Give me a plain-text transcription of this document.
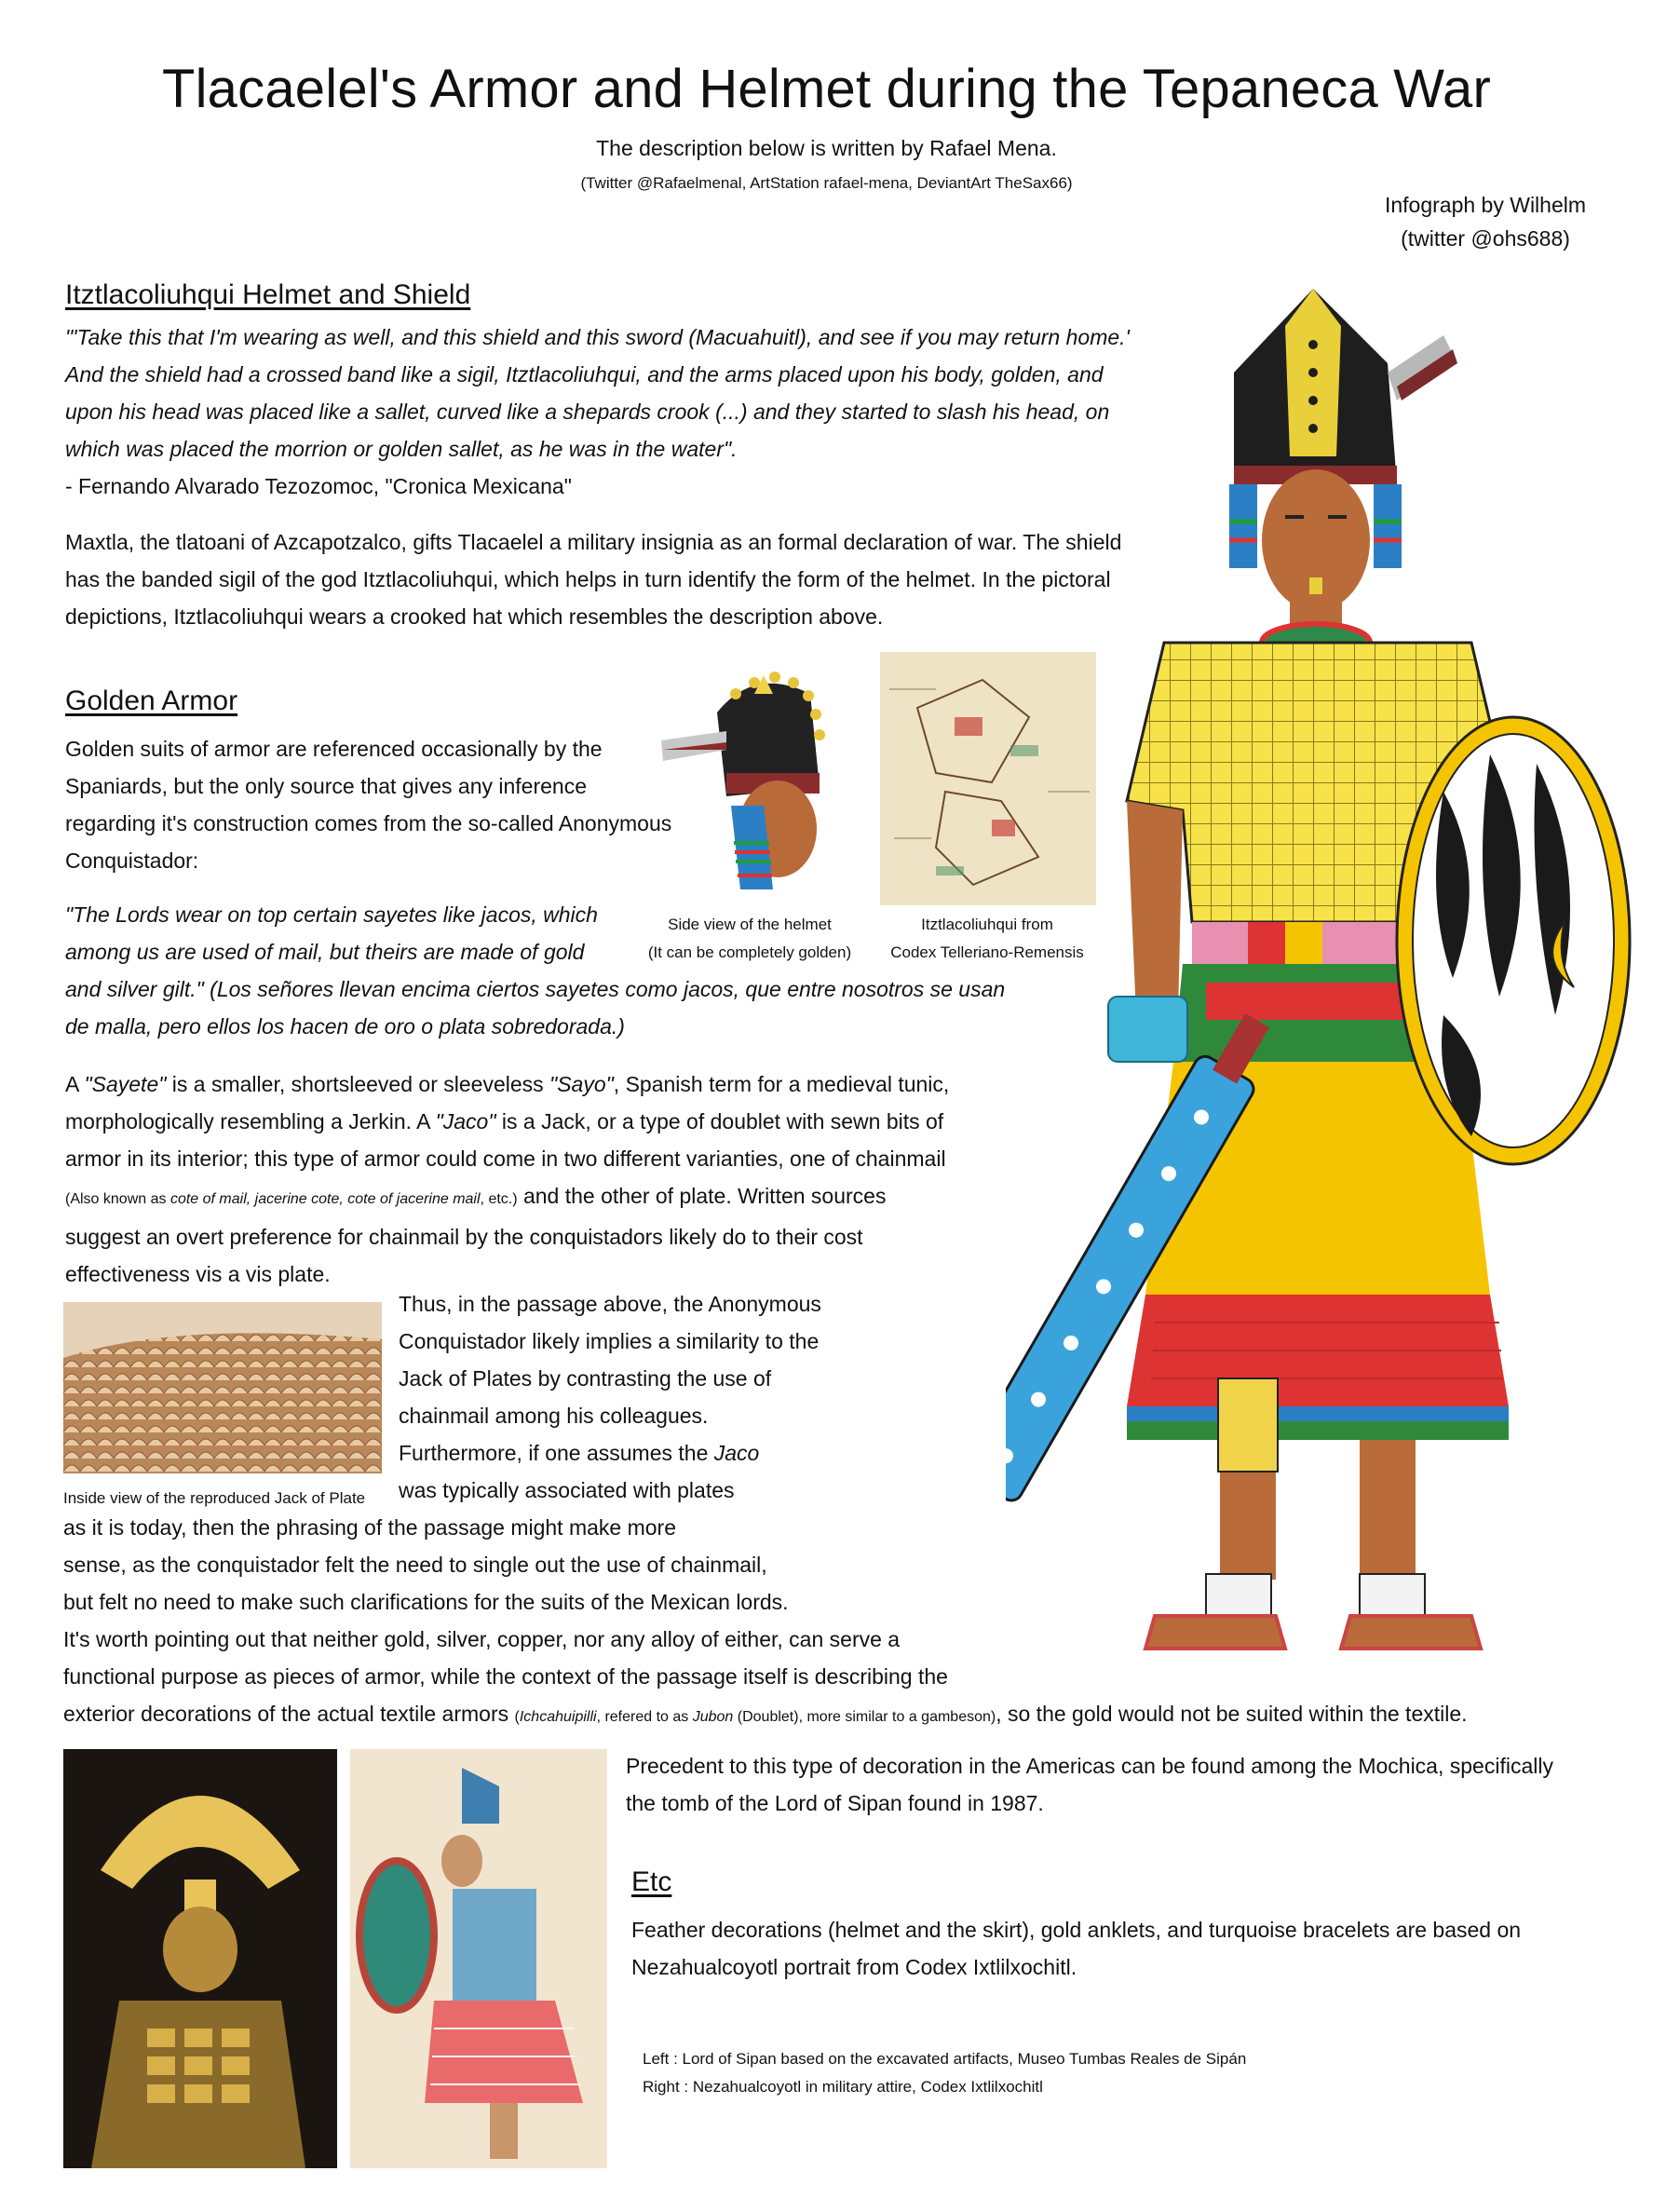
Tlacaelel's Armor and Helmet during the Tepaneca War
The description below is written by Rafael Mena.
(Twitter @Rafaelmenal, ArtStation rafael-mena, DeviantArt TheSax66)
Infograph by Wilhelm
(twitter @ohs688)
Itztlacoliuhqui Helmet and Shield
"'Take this that I'm wearing as well, and this shield and this sword (Macuahuitl), and see if you may return home.'
And the shield had a crossed band like a sigil, Itztlacoliuhqui, and the arms placed upon his body, golden, and
upon his head was placed like a sallet, curved like a shepards crook (...) and they started to slash his head, on
which was placed the morrion or golden sallet, as he was in the water".
- Fernando Alvarado Tezozomoc, "Cronica Mexicana"
Maxtla, the tlatoani of Azcapotzalco, gifts Tlacaelel a military insignia as an formal declaration of war. The shield
has the banded sigil of the god Itztlacoliuhqui, which helps in turn identify the form of the helmet. In the pictoral
depictions, Itztlacoliuhqui wears a crooked hat which resembles the description above.
Golden Armor
Golden suits of armor are referenced occasionally by the
Spaniards, but the only source that gives any inference
regarding it's construction comes from the so-called Anonymous
Conquistador:
"The Lords wear on top certain sayetes like jacos, which
among us are used of mail, but theirs are made of gold
and silver gilt." (Los señores llevan encima ciertos sayetes como jacos, que entre nosotros se usan
de malla, pero ellos los hacen de oro o plata sobredorada.)
A "Sayete" is a smaller, shortsleeved or sleeveless "Sayo", Spanish term for a medieval tunic,
morphologically resembling a Jerkin. A "Jaco" is a Jack, or a type of doublet with sewn bits of
armor in its interior; this type of armor could come in two different varianties, one of chainmail
(Also known as cote of mail, jacerine cote, cote of jacerine mail, etc.) and the other of plate. Written sources
suggest an overt preference for chainmail by the conquistadors likely do to their cost
effectiveness vis a vis plate.
Thus, in the passage above, the Anonymous
Conquistador likely implies a similarity to the
Jack of Plates by contrasting the use of
chainmail among his colleagues.
Furthermore, if one assumes the Jaco
was typically associated with plates
as it is today, then the phrasing of the passage might make more
sense, as the conquistador felt the need to single out the use of chainmail,
but felt no need to make such clarifications for the suits of the Mexican lords.
It's worth pointing out that neither gold, silver, copper, nor any alloy of either, can serve a
functional purpose as pieces of armor, while the context of the passage itself is describing the
exterior decorations of the actual textile armors (Ichcahuipilli, refered to as Jubon (Doublet), more similar to a gambeson), so the gold would not be suited within the textile.
Precedent to this type of decoration in the Americas can be found among the Mochica, specifically
the tomb of the Lord of Sipan found in 1987.
Etc
Feather decorations (helmet and the skirt), gold anklets, and turquoise bracelets are based on
Nezahualcoyotl portrait from Codex Ixtlilxochitl.
Left : Lord of Sipan based on the excavated artifacts, Museo Tumbas Reales de Sipán
Right : Nezahualcoyotl in military attire, Codex Ixtlilxochitl
Side view of the helmet
(It can be completely golden)
Itztlacoliuhqui from
Codex Telleriano-Remensis
Inside view of the reproduced Jack of Plate
